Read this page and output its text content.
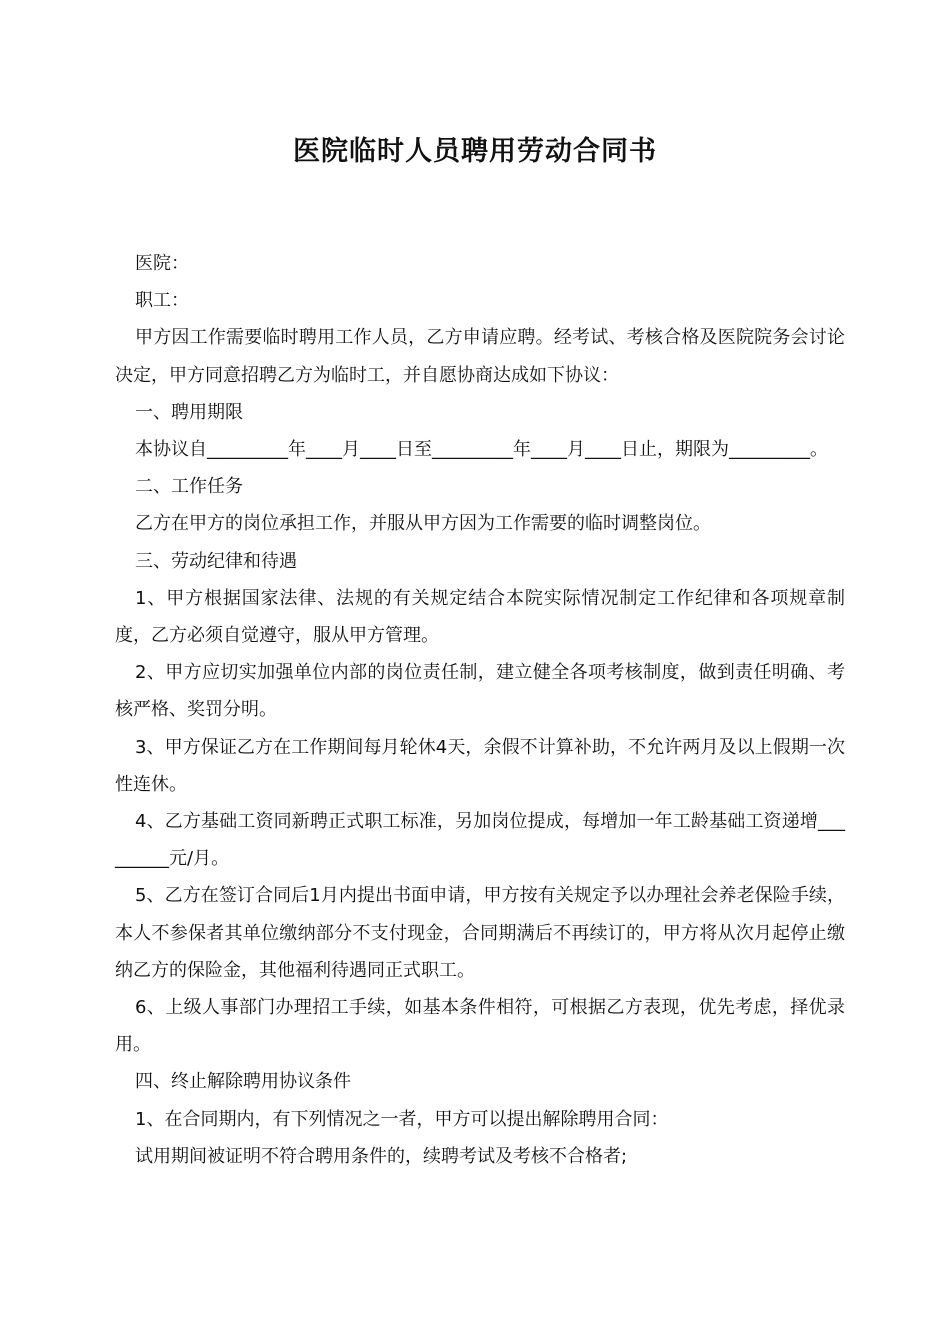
医院临时人员聘用劳动合同书

医院：

职工：

甲方因工作需要临时聘用工作人员，乙方申请应聘。经考试、考核合格及医院院务会讨论决定，甲方同意招聘乙方为临时工，并自愿协商达成如下协议：

一、聘用期限

本协议自_________年____月____日至_________年____月____日止，期限为_________。

二、工作任务

乙方在甲方的岗位承担工作，并服从甲方因为工作需要的临时调整岗位。

三、劳动纪律和待遇

1、甲方根据国家法律、法规的有关规定结合本院实际情况制定工作纪律和各项规章制度，乙方必须自觉遵守，服从甲方管理。

2、甲方应切实加强单位内部的岗位责任制，建立健全各项考核制度，做到责任明确、考核严格、奖罚分明。

3、甲方保证乙方在工作期间每月轮休4天，余假不计算补助，不允许两月及以上假期一次性连休。

4、乙方基础工资同新聘正式职工标准，另加岗位提成，每增加一年工龄基础工资递增_________元/月。

5、乙方在签订合同后1月内提出书面申请，甲方按有关规定予以办理社会养老保险手续，本人不参保者其单位缴纳部分不支付现金，合同期满后不再续订的，甲方将从次月起停止缴纳乙方的保险金，其他福利待遇同正式职工。

6、上级人事部门办理招工手续，如基本条件相符，可根据乙方表现，优先考虑，择优录用。

四、终止解除聘用协议条件

1、在合同期内，有下列情况之一者，甲方可以提出解除聘用合同：

试用期间被证明不符合聘用条件的，续聘考试及考核不合格者;
